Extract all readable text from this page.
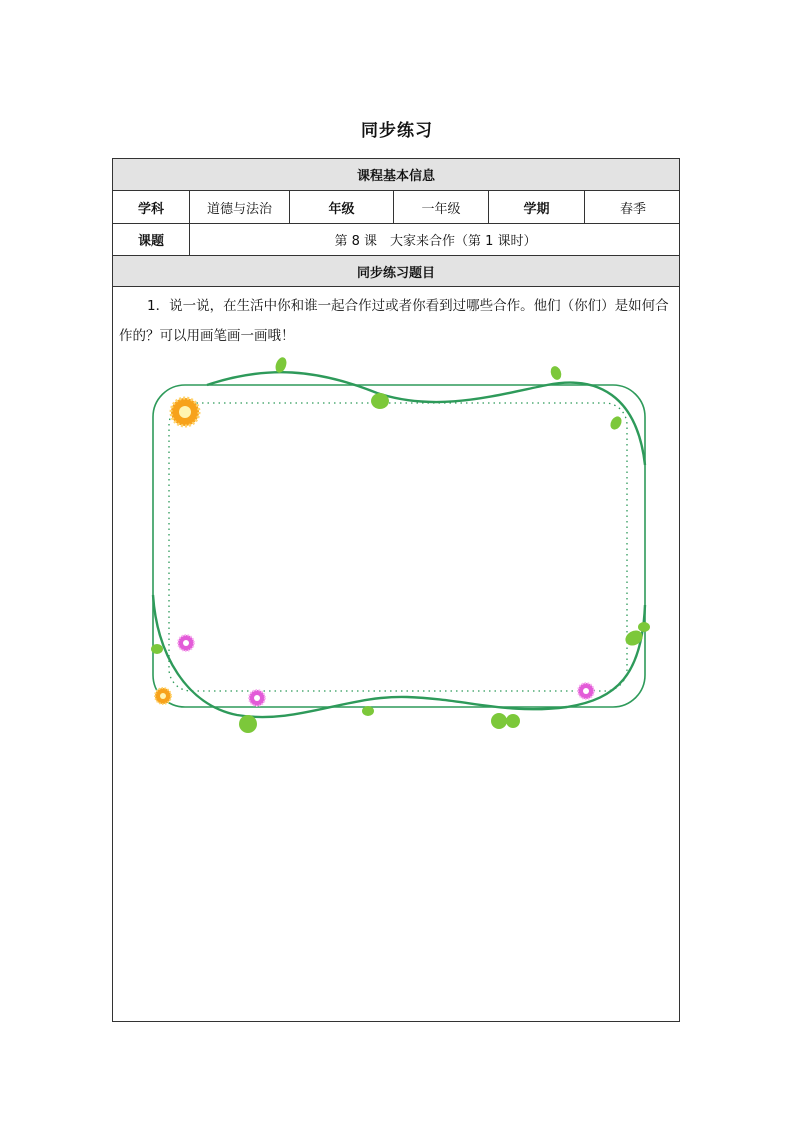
同步练习
课程基本信息
学科	道德与法治	年级	一年级	学期	春季
课题	第 8 课　大家来合作（第 1 课时）
同步练习题目
1．说一说，在生活中你和谁一起合作过或者你看到过哪些合作。他们（你们）是如何合作的？可以用画笔画一画哦！
